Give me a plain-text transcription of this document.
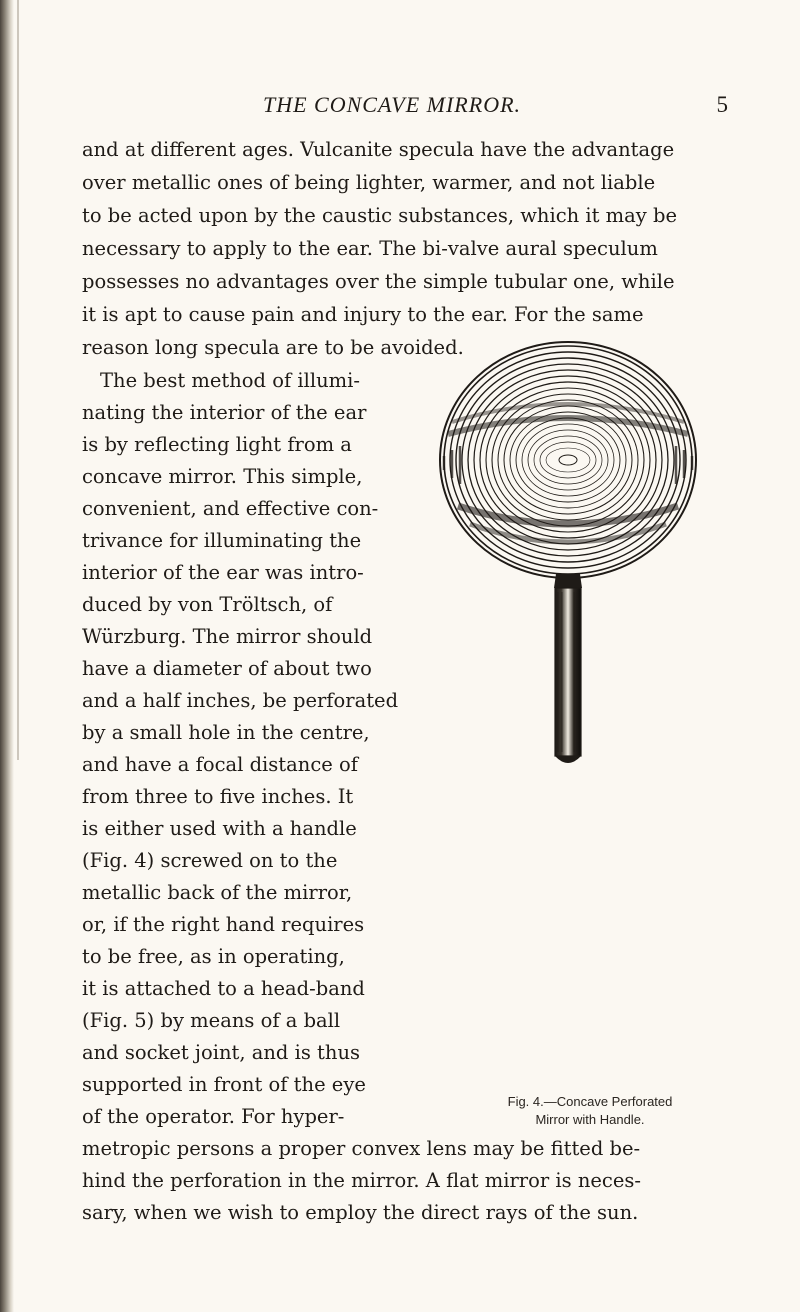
THE CONCAVE MIRROR.	5
and at different ages. Vulcanite specula have the advantage
over metallic ones of being lighter, warmer, and not liable
to be acted upon by the caustic substances, which it may be
necessary to apply to the ear. The bi-valve aural speculum
possesses no advantages over the simple tubular one, while
it is apt to cause pain and injury to the ear. For the same
reason long specula are to be avoided.
The best method of illumi-
nating the interior of the ear
is by reflecting light from a
concave mirror. This simple,
convenient, and effective con-
trivance for illuminating the
interior of the ear was intro-
duced by von Tröltsch, of
Würzburg. The mirror should
have a diameter of about two
and a half inches, be perforated
by a small hole in the centre,
and have a focal distance of
from three to five inches. It
is either used with a handle
(Fig. 4) screwed on to the
metallic back of the mirror,
or, if the right hand requires
to be free, as in operating,
it is attached to a head-band
(Fig. 5) by means of a ball
and socket joint, and is thus
supported in front of the eye
of the operator. For hyper-
metropic persons a proper convex lens may be fitted be-
hind the perforation in the mirror. A flat mirror is neces-
sary, when we wish to employ the direct rays of the sun.
Fig. 4.—Concave Perforated
Mirror with Handle.
